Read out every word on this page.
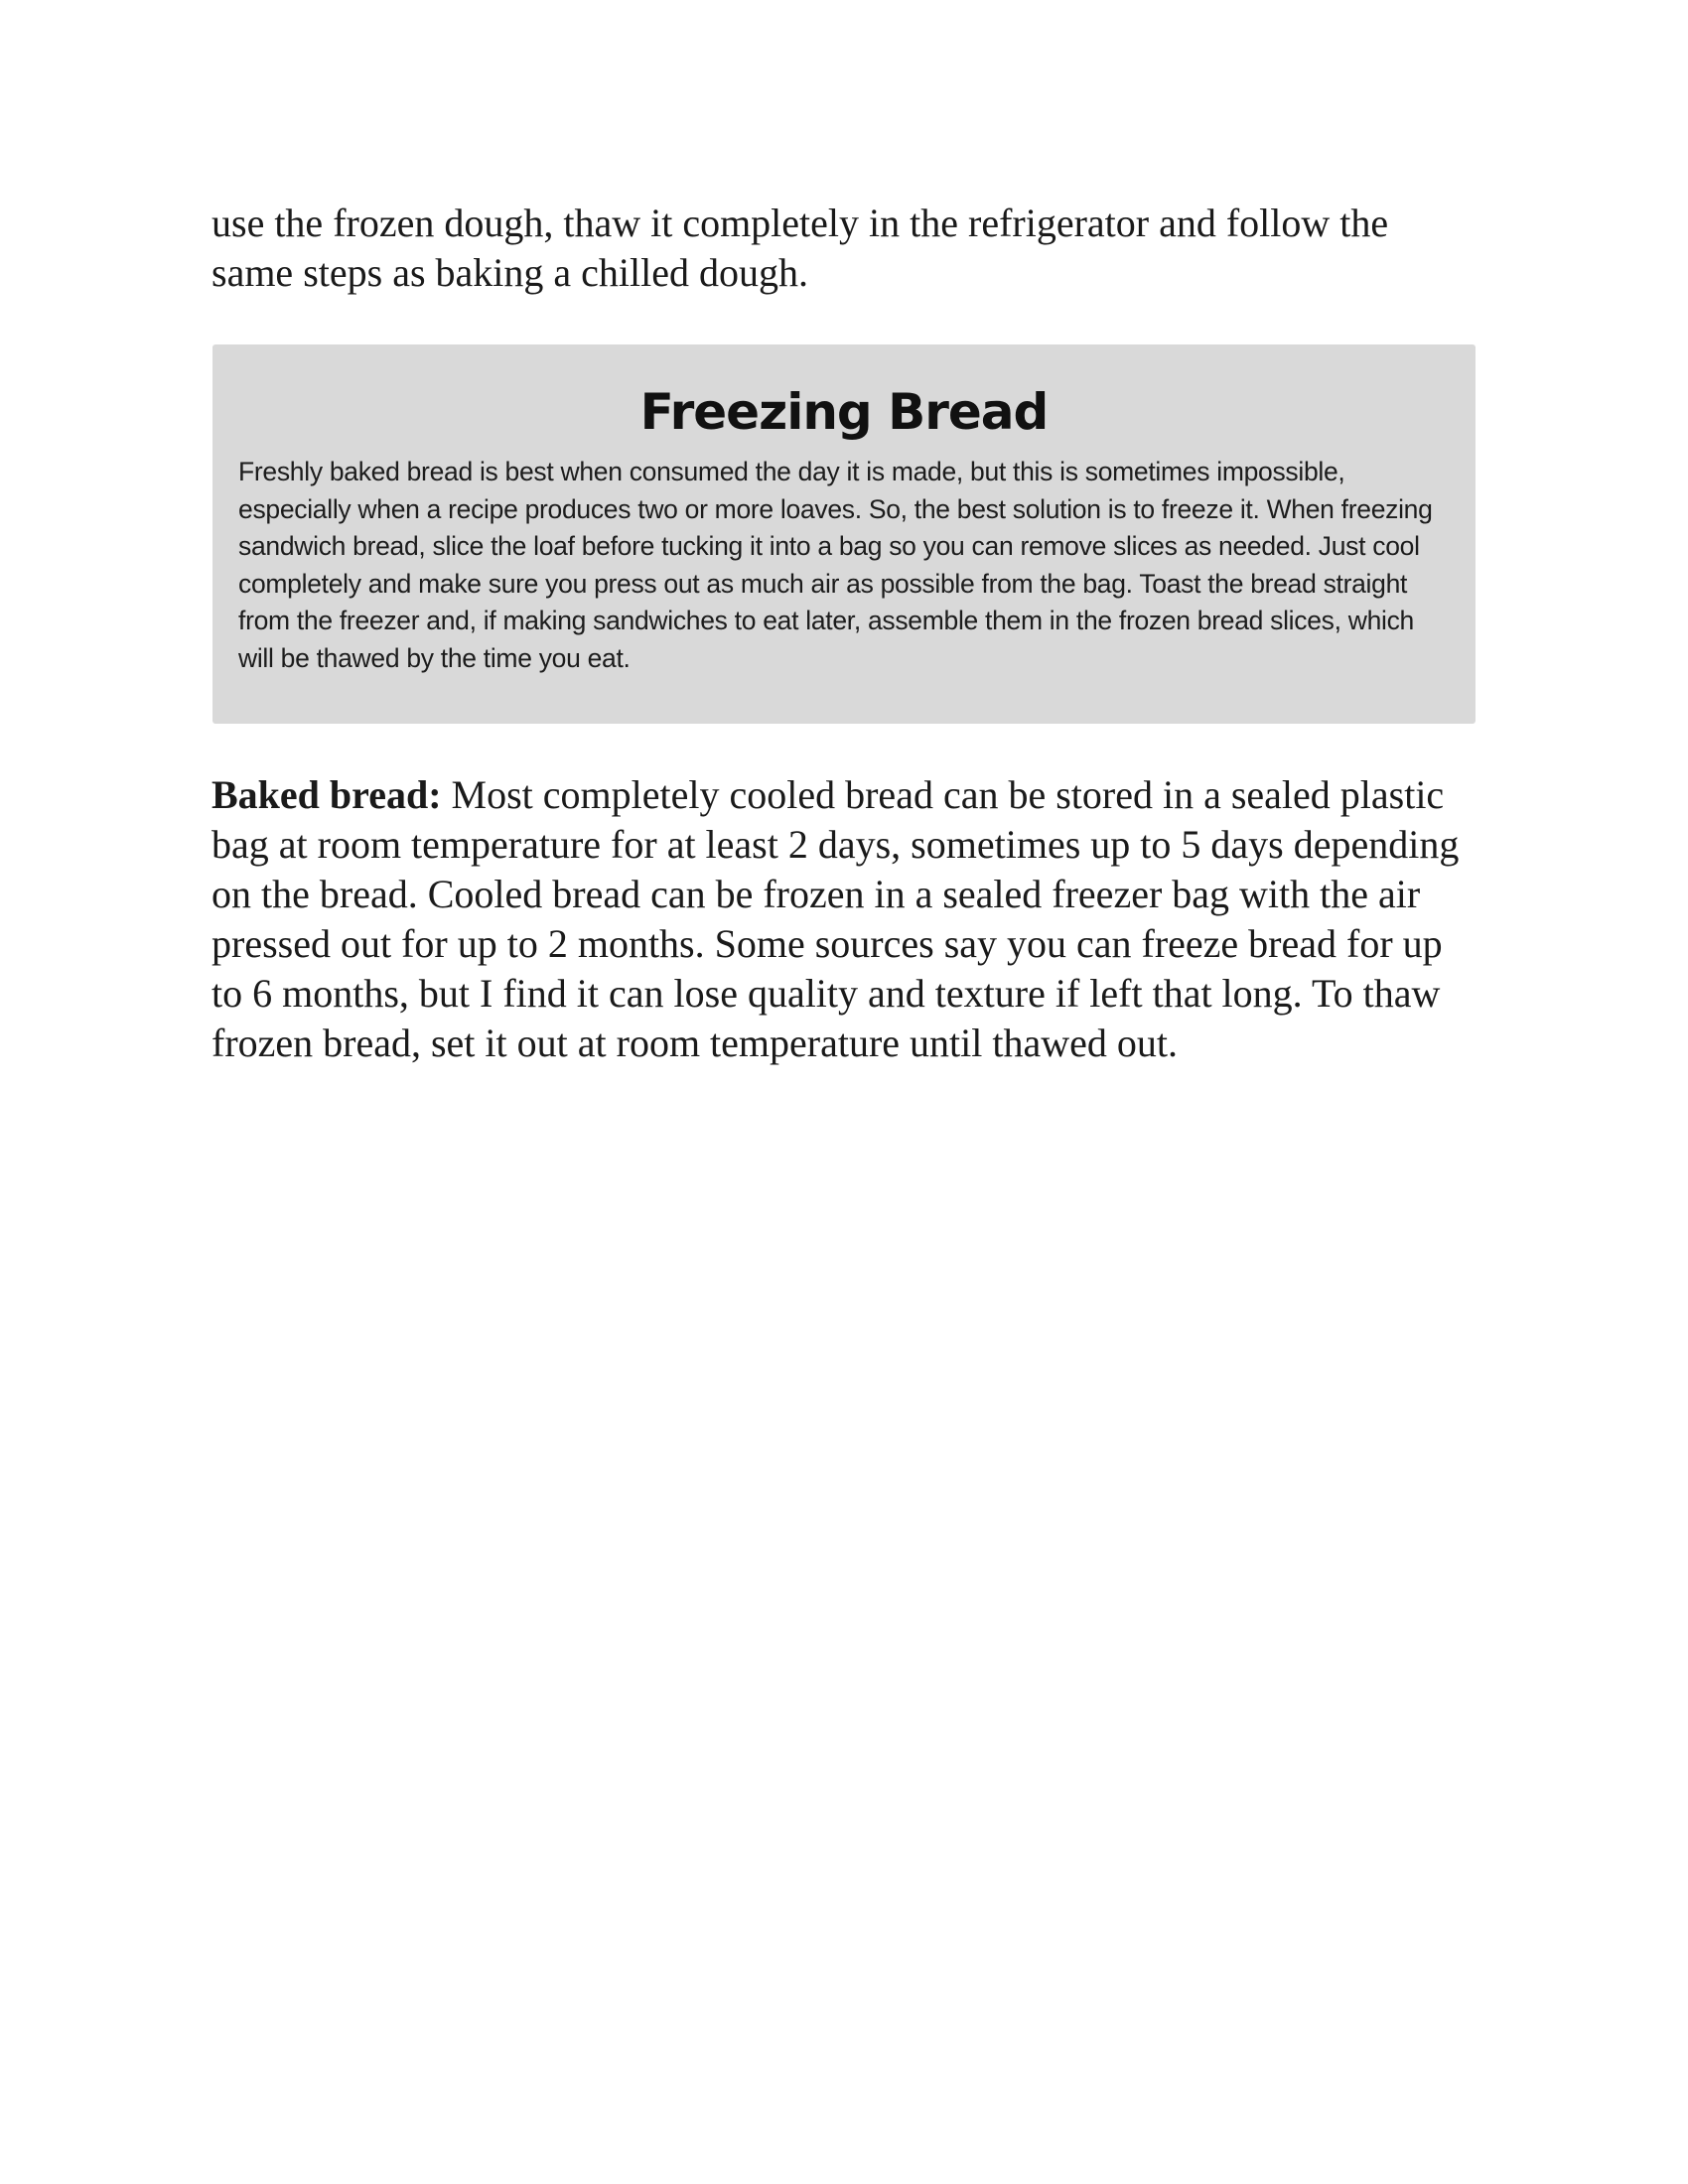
use the frozen dough, thaw it completely in the refrigerator and follow the same steps as baking a chilled dough.

Freezing Bread

Freshly baked bread is best when consumed the day it is made, but this is sometimes impossible, especially when a recipe produces two or more loaves. So, the best solution is to freeze it. When freezing sandwich bread, slice the loaf before tucking it into a bag so you can remove slices as needed. Just cool completely and make sure you press out as much air as possible from the bag. Toast the bread straight from the freezer and, if making sandwiches to eat later, assemble them in the frozen bread slices, which will be thawed by the time you eat.

Baked bread: Most completely cooled bread can be stored in a sealed plastic bag at room temperature for at least 2 days, sometimes up to 5 days depending on the bread. Cooled bread can be frozen in a sealed freezer bag with the air pressed out for up to 2 months. Some sources say you can freeze bread for up to 6 months, but I find it can lose quality and texture if left that long. To thaw frozen bread, set it out at room temperature until thawed out.
